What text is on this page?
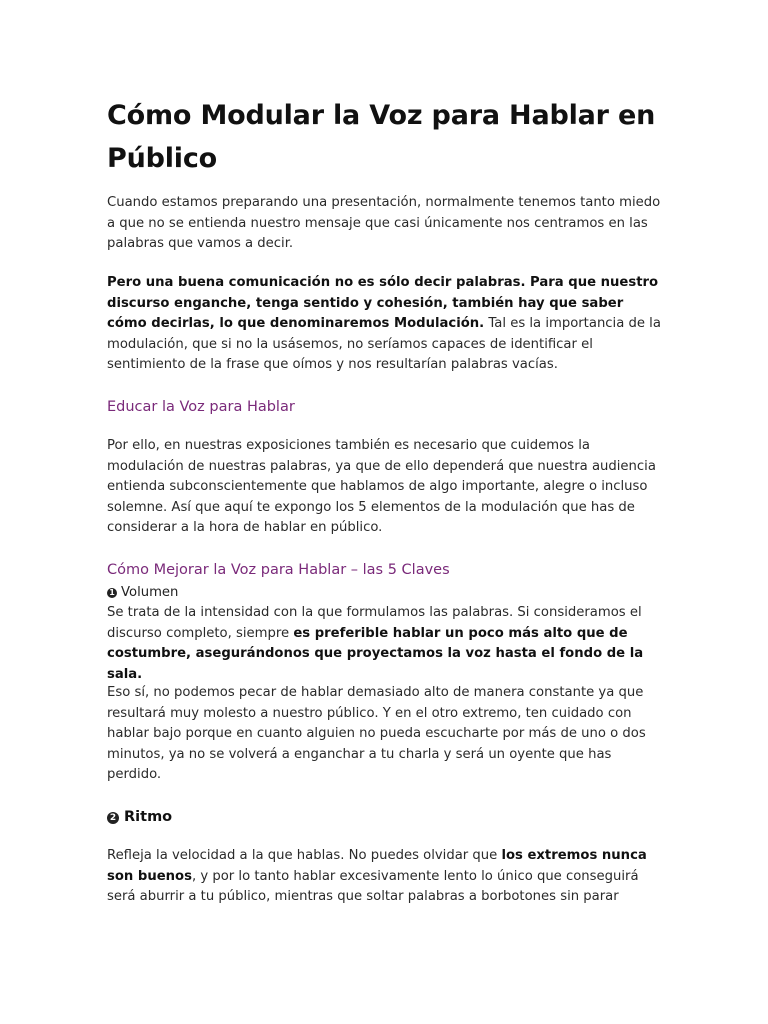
Cómo Modular la Voz para Hablar en Público

Cuando estamos preparando una presentación, normalmente tenemos tanto miedo a que no se entienda nuestro mensaje que casi únicamente nos centramos en las palabras que vamos a decir.

Pero una buena comunicación no es sólo decir palabras. Para que nuestro discurso enganche, tenga sentido y cohesión, también hay que saber cómo decirlas, lo que denominaremos Modulación. Tal es la importancia de la modulación, que si no la usásemos, no seríamos capaces de identificar el sentimiento de la frase que oímos y nos resultarían palabras vacías.

Educar la Voz para Hablar

Por ello, en nuestras exposiciones también es necesario que cuidemos la modulación de nuestras palabras, ya que de ello dependerá que nuestra audiencia entienda subconscientemente que hablamos de algo importante, alegre o incluso solemne. Así que aquí te expongo los 5 elementos de la modulación que has de considerar a la hora de hablar en público.

Cómo Mejorar la Voz para Hablar – las 5 Claves
1 Volumen

Se trata de la intensidad con la que formulamos las palabras. Si consideramos el discurso completo, siempre es preferible hablar un poco más alto que de costumbre, asegurándonos que proyectamos la voz hasta el fondo de la sala.

Eso sí, no podemos pecar de hablar demasiado alto de manera constante ya que resultará muy molesto a nuestro público. Y en el otro extremo, ten cuidado con hablar bajo porque en cuanto alguien no pueda escucharte por más de uno o dos minutos, ya no se volverá a enganchar a tu charla y será un oyente que has perdido.

2 Ritmo

Refleja la velocidad a la que hablas. No puedes olvidar que los extremos nunca son buenos, y por lo tanto hablar excesivamente lento lo único que conseguirá será aburrir a tu público, mientras que soltar palabras a borbotones sin parar
